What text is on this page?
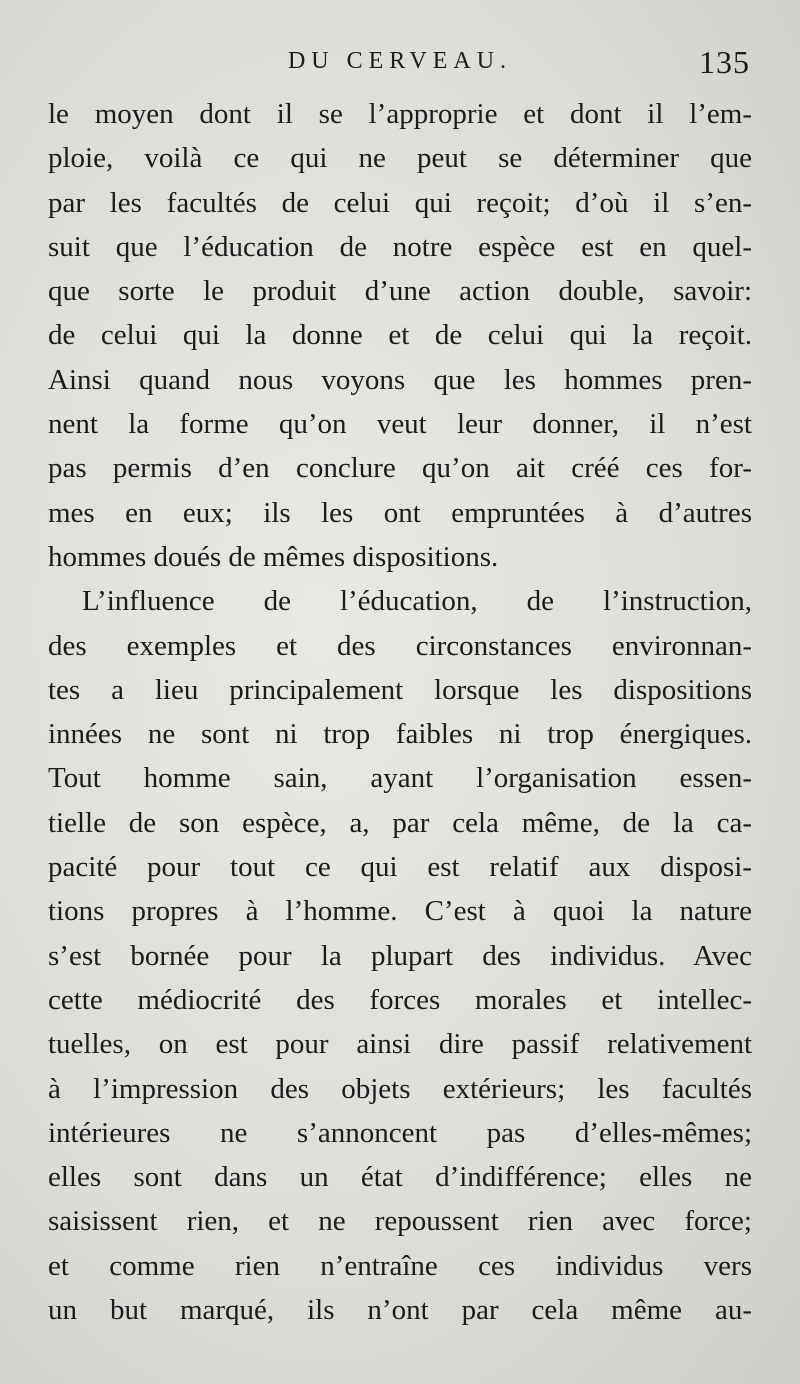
DU CERVEAU.	135
le moyen dont il se l’approprie et dont il l’em-
ploie, voilà ce qui ne peut se déterminer que
par les facultés de celui qui reçoit; d’où il s’en-
suit que l’éducation de notre espèce est en quel-
que sorte le produit d’une action double, savoir:
de celui qui la donne et de celui qui la reçoit.
Ainsi quand nous voyons que les hommes pren-
nent la forme qu’on veut leur donner, il n’est
pas permis d’en conclure qu’on ait créé ces for-
mes en eux; ils les ont empruntées à d’autres
hommes doués de mêmes dispositions.
L’influence de l’éducation, de l’instruction,
des exemples et des circonstances environnan-
tes a lieu principalement lorsque les dispositions
innées ne sont ni trop faibles ni trop énergiques.
Tout homme sain, ayant l’organisation essen-
tielle de son espèce, a, par cela même, de la ca-
pacité pour tout ce qui est relatif aux disposi-
tions propres à l’homme. C’est à quoi la nature
s’est bornée pour la plupart des individus. Avec
cette médiocrité des forces morales et intellec-
tuelles, on est pour ainsi dire passif relativement
à l’impression des objets extérieurs; les facultés
intérieures ne s’annoncent pas d’elles-mêmes;
elles sont dans un état d’indifférence; elles ne
saisissent rien, et ne repoussent rien avec force;
et comme rien n’entraîne ces individus vers
un but marqué, ils n’ont par cela même au-
